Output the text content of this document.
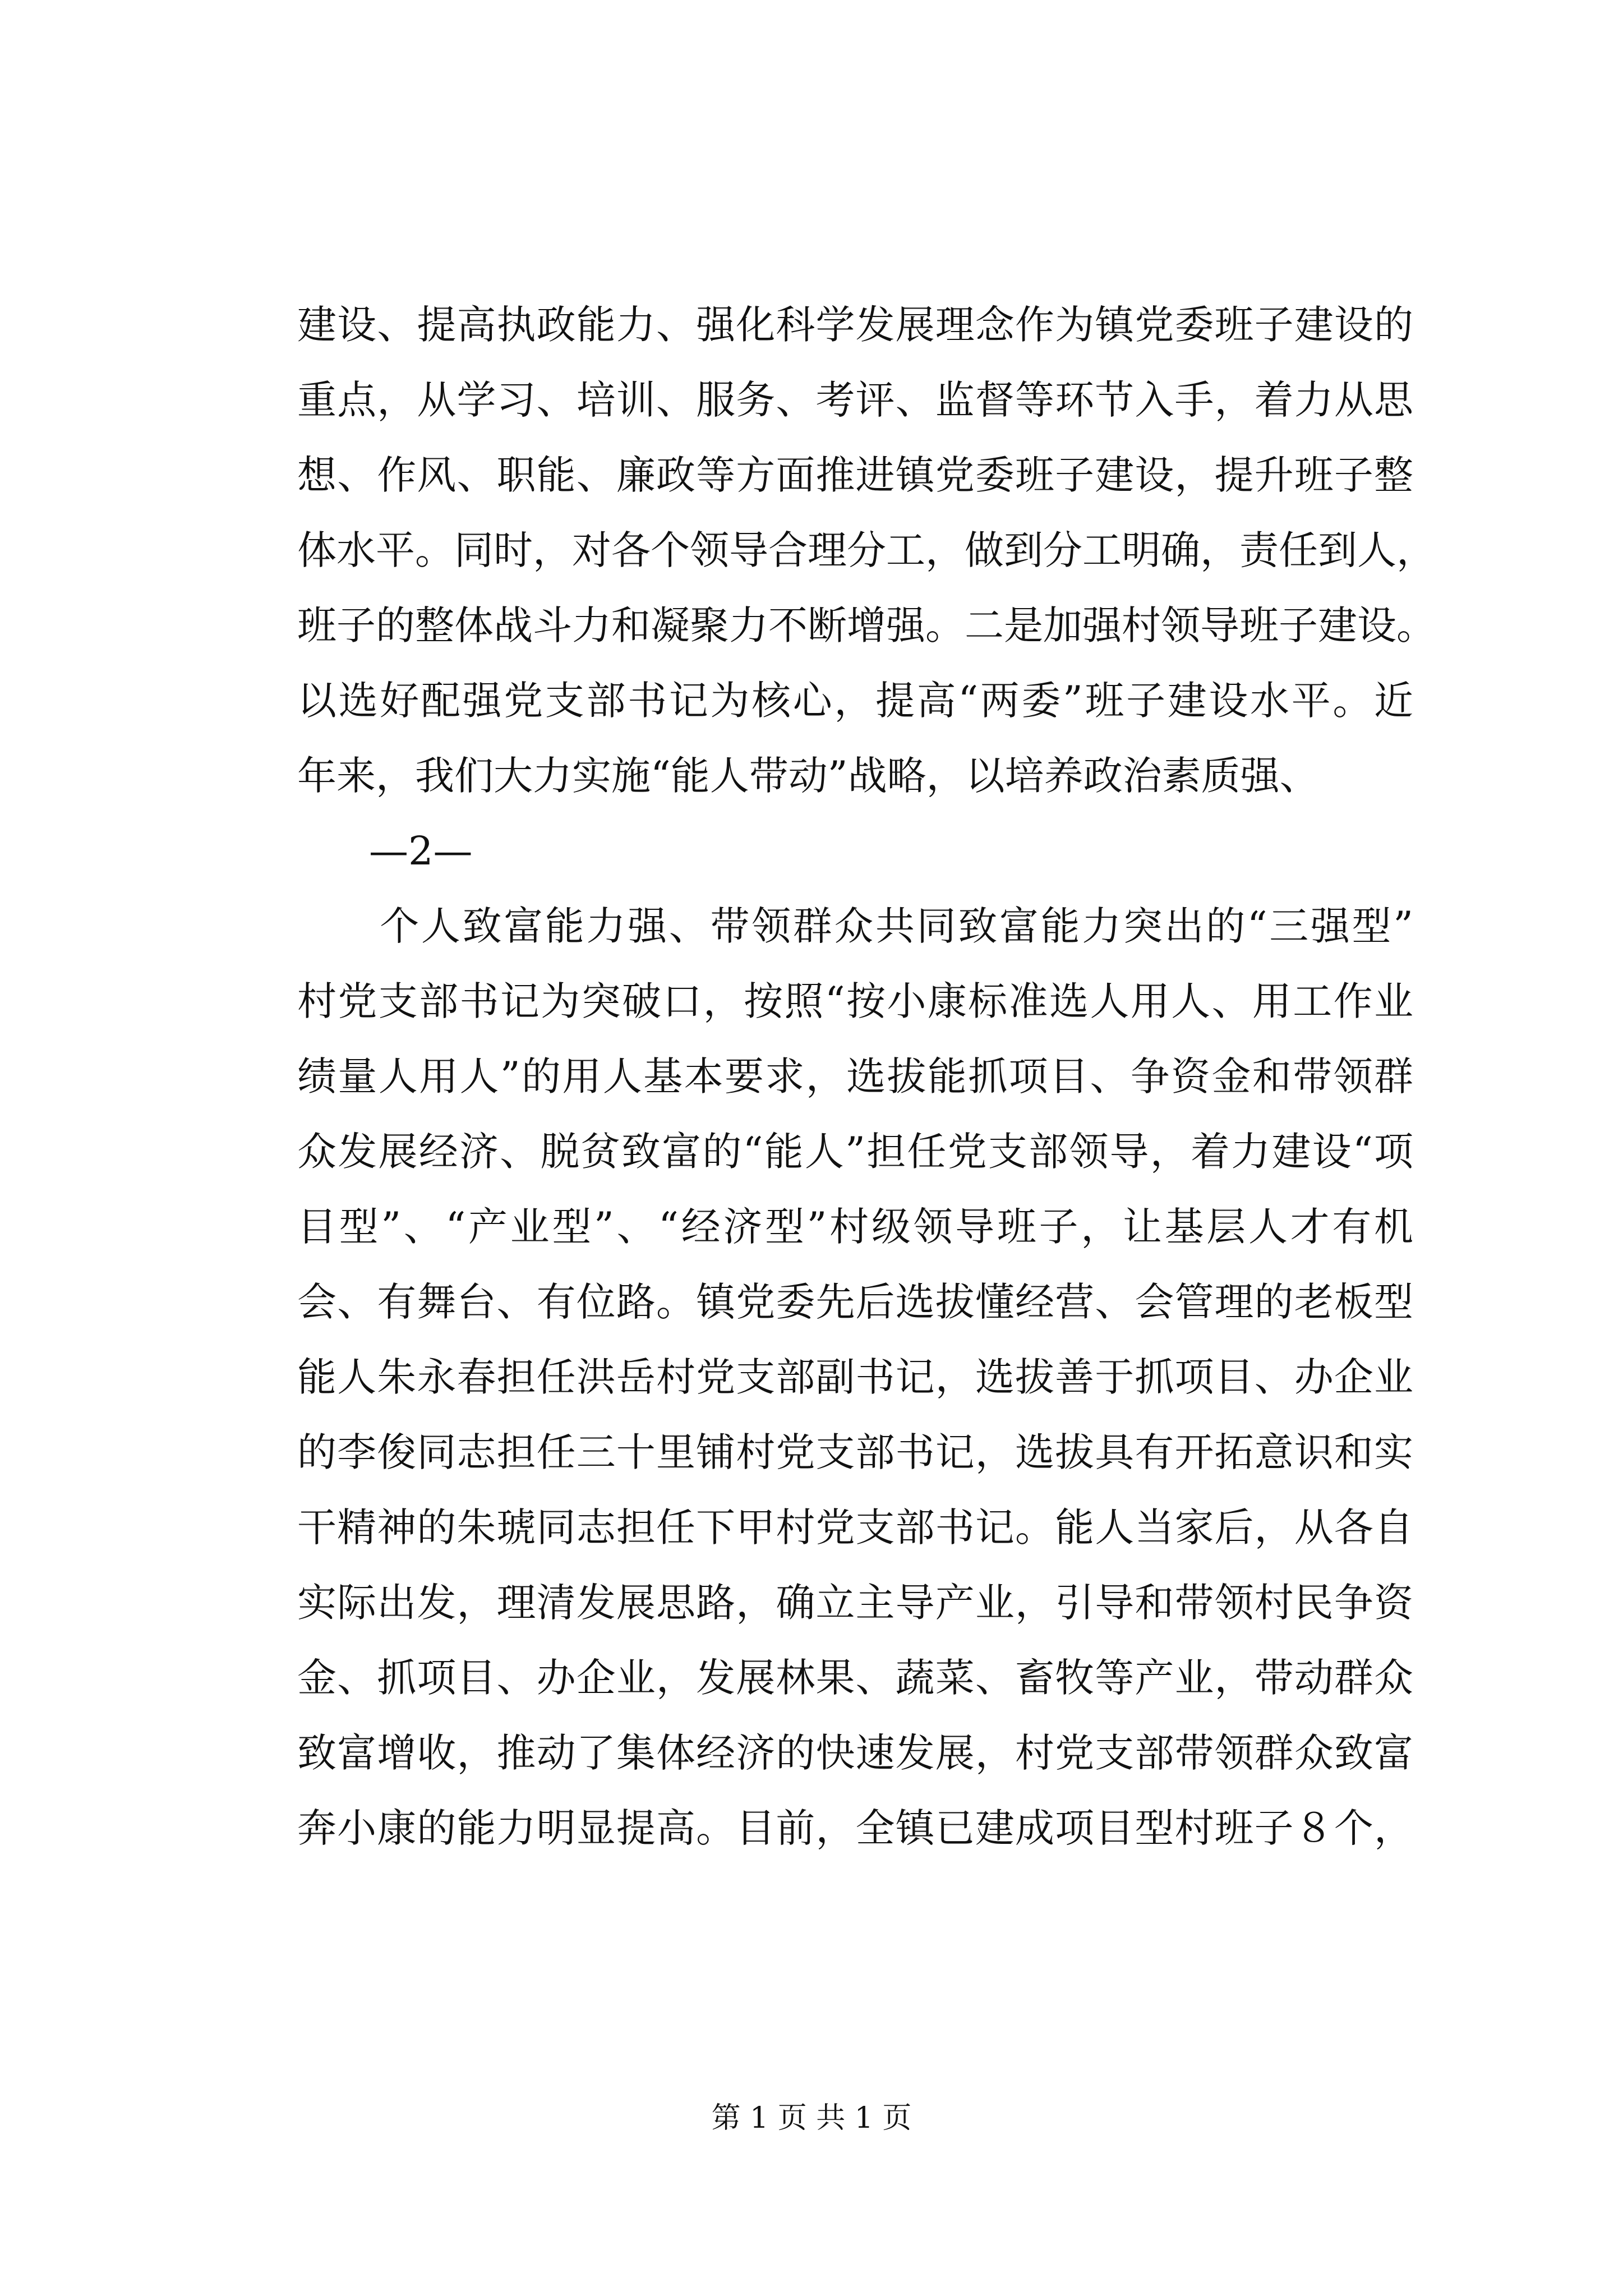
建设、提高执政能力、强化科学发展理念作为镇党委班子建设的
重点，从学习、培训、服务、考评、监督等环节入手，着力从思
想、作风、职能、廉政等方面推进镇党委班子建设，提升班子整
体水平。同时，对各个领导合理分工，做到分工明确，责任到人，
班子的整体战斗力和凝聚力不断增强。二是加强村领导班子建设。
以选好配强党支部书记为核心，提高“两委”班子建设水平。近
年来，我们大力实施“能人带动”战略，以培养政治素质强、
—2—
　　个人致富能力强、带领群众共同致富能力突出的“三强型”
村党支部书记为突破口，按照“按小康标准选人用人、用工作业
绩量人用人”的用人基本要求，选拔能抓项目、争资金和带领群
众发展经济、脱贫致富的“能人”担任党支部领导，着力建设“项
目型”、“产业型”、“经济型”村级领导班子，让基层人才有机
会、有舞台、有位路。镇党委先后选拔懂经营、会管理的老板型
能人朱永春担任洪岳村党支部副书记，选拔善于抓项目、办企业
的李俊同志担任三十里铺村党支部书记，选拔具有开拓意识和实
干精神的朱琥同志担任下甲村党支部书记。能人当家后，从各自
实际出发，理清发展思路，确立主导产业，引导和带领村民争资
金、抓项目、办企业，发展林果、蔬菜、畜牧等产业，带动群众
致富增收，推动了集体经济的快速发展，村党支部带领群众致富
奔小康的能力明显提高。目前，全镇已建成项目型村班子８个，
第 1 页 共 1 页
